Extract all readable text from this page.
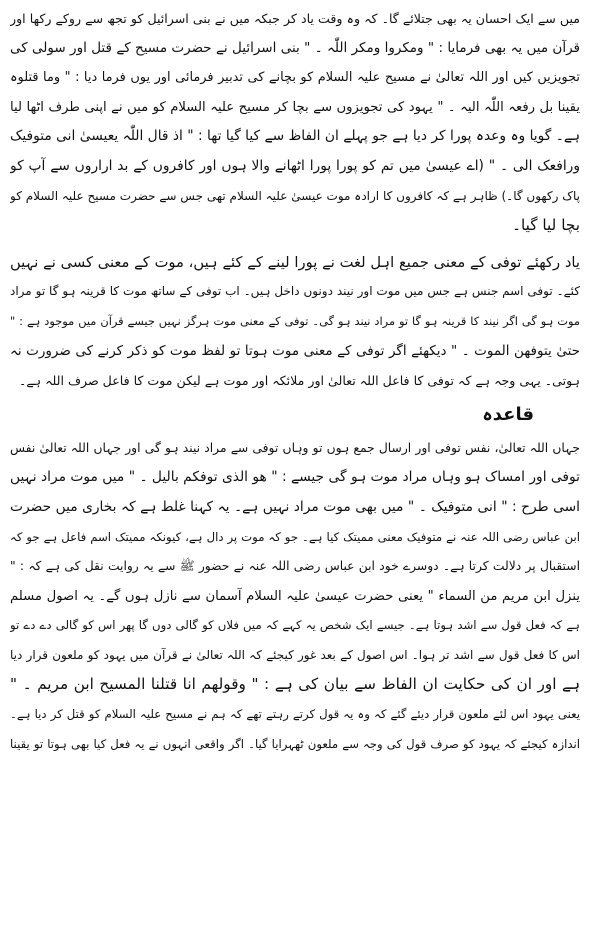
میں سے ایک احسان یہ بھی جتلائے گا۔ کہ وہ وقت یاد کر جبکہ میں نے بنی اسرائیل کو تجھ سے روکے رکھا اور
قرآن میں یہ بھی فرمایا : " ومکروا ومکر اللّٰہ ۔ " بنی اسرائیل نے حضرت مسیح کے قتل اور سولی کی
تجویزیں کیں اور اللہ تعالیٰ نے مسیح علیہ السلام کو بچانے کی تدبیر فرمائی اور یوں فرما دیا : " وما قتلوہ
یقینا بل رفعہ اللّٰہ الیہ ۔ " یہود کی تجویزوں سے بچا کر مسیح علیہ السلام کو میں نے اپنی طرف اٹھا لیا
ہے۔ گویا وہ وعدہ پورا کر دیا ہے جو پہلے ان الفاظ سے کیا گیا تھا : " اذ قال اللّٰہ یعیسیٰ انی متوفیک
ورافعک الی ۔ " (اے عیسیٰ میں تم کو پورا پورا اٹھانے والا ہوں اور کافروں کے بد اراروں سے آپ کو
پاک رکھوں گا۔) ظاہر ہے کہ کافروں کا ارادہ موت عیسیٰ علیہ السلام تھی جس سے حضرت مسیح علیہ السلام کو
بچا لیا گیا۔
یاد رکھئے توفی کے معنی جمیع اہل لغت نے پورا لینے کے کئے ہیں، موت کے معنی کسی نے نہیں
کئے۔ توفی اسم جنس ہے جس میں موت اور نیند دونوں داخل ہیں۔ اب توفی کے ساتھ موت کا قرینہ ہو گا تو مراد
موت ہو گی اگر نیند کا قرینہ ہو گا تو مراد نیند ہو گی۔ توفی کے معنی موت ہرگز نہیں جیسے قرآن میں موجود ہے : "
حتیٰ یتوفھن الموت ۔ " دیکھئے اگر توفی کے معنی موت ہوتا تو لفظ موت کو ذکر کرنے کی ضرورت نہ
ہوتی۔ یہی وجہ ہے کہ توفی کا فاعل اللہ تعالیٰ اور ملائکہ اور موت ہے لیکن موت کا فاعل صرف اللہ ہے۔
قاعدہ
جہاں اللہ تعالیٰ، نفس توفی اور ارسال جمع ہوں تو وہاں توفی سے مراد نیند ہو گی اور جہاں اللہ تعالیٰ نفس
توفی اور امساک ہو وہاں مراد موت ہو گی جیسے : " ھو الذی توفکم بالیل ۔ " میں موت مراد نہیں
اسی طرح : " انی متوفیک ۔ " میں بھی موت مراد نہیں ہے۔ یہ کہنا غلط ہے کہ بخاری میں حضرت
ابن عباس رضی اللہ عنہ نے متوفیک معنی ممیتک کیا ہے۔ جو کہ موت پر دال ہے، کیونکہ ممیتک اسم فاعل ہے جو کہ
استقبال پر دلالت کرتا ہے۔ دوسرے خود ابن عباس رضی اللہ عنہ نے حضور ﷺ سے یہ روایت نقل کی ہے کہ : "
ینزل ابن مریم من السماء " یعنی حضرت عیسیٰ علیہ السلام آسمان سے نازل ہوں گے۔ یہ اصول مسلم
ہے کہ فعل قول سے اشد ہوتا ہے۔ جیسے ایک شخص یہ کہے کہ میں فلاں کو گالی دوں گا پھر اس کو گالی دے دے تو
اس کا فعل قول سے اشد تر ہوا۔ اس اصول کے بعد غور کیجئے کہ اللہ تعالیٰ نے قرآن میں یہود کو ملعون قرار دیا
ہے اور ان کی حکایت ان الفاظ سے بیان کی ہے : " وقولھم انا قتلنا المسیح ابن مریم ۔ "
یعنی یہود اس لئے ملعون قرار دیئے گئے کہ وہ یہ قول کرتے رہتے تھے کہ ہم نے مسیح علیہ السلام کو قتل کر دیا ہے۔
اندازہ کیجئے کہ یہود کو صرف قول کی وجہ سے ملعون ٹھہرایا گیا۔ اگر واقعی انہوں نے یہ فعل کیا بھی ہوتا تو یقینا
